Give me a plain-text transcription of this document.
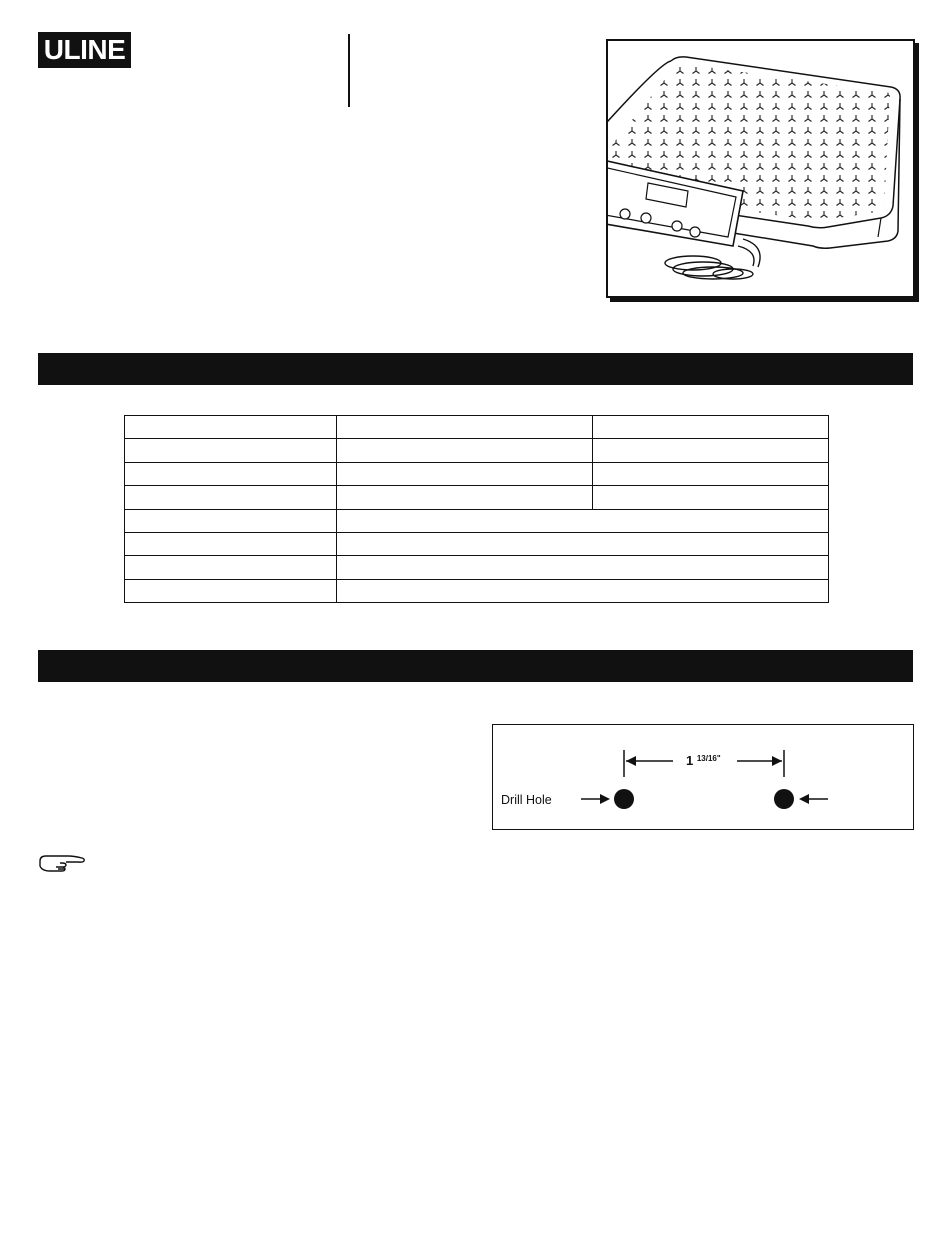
ULINE

1 $^{13/16"}$
Drill Hole
